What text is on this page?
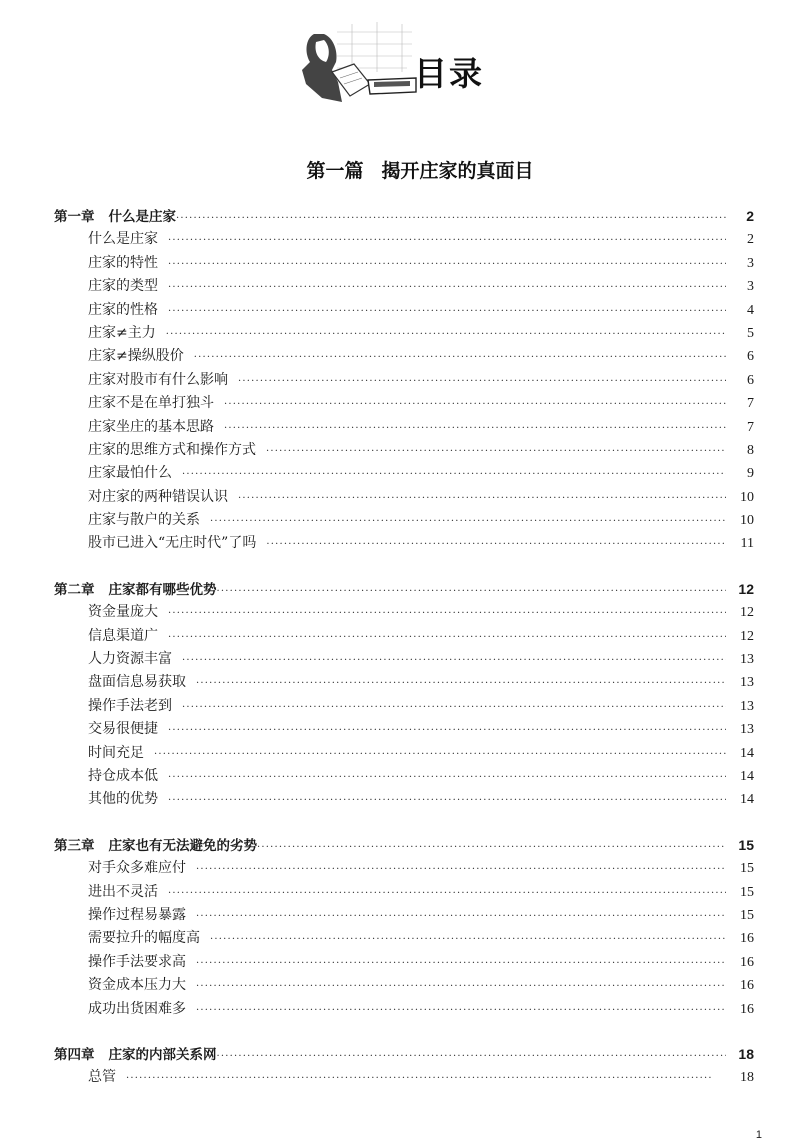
目录
第一篇 揭开庄家的真面目
第一章 什么是庄家 ·····	2
什么是庄家 ·····	2
庄家的特性 ·····	3
庄家的类型 ·····	3
庄家的性格 ·····	4
庄家≠主力 ·····	5
庄家≠操纵股价 ·····	6
庄家对股市有什么影响 ·····	6
庄家不是在单打独斗 ·····	7
庄家坐庄的基本思路 ·····	7
庄家的思维方式和操作方式 ·····	8
庄家最怕什么 ·····	9
对庄家的两种错误认识 ·····	10
庄家与散户的关系 ·····	10
股市已进入“无庄时代”了吗 ·····	11
第二章 庄家都有哪些优势 ·····	12
资金量庞大 ·····	12
信息渠道广 ·····	12
人力资源丰富 ·····	13
盘面信息易获取 ·····	13
操作手法老到 ·····	13
交易很便捷 ·····	13
时间充足 ·····	14
持仓成本低 ·····	14
其他的优势 ·····	14
第三章 庄家也有无法避免的劣势 ·····	15
对手众多难应付 ·····	15
进出不灵活 ·····	15
操作过程易暴露 ·····	15
需要拉升的幅度高 ·····	16
操作手法要求高 ·····	16
资金成本压力大 ·····	16
成功出货困难多 ·····	16
第四章 庄家的内部关系网 ·····	18
总管 ·····	18
1
